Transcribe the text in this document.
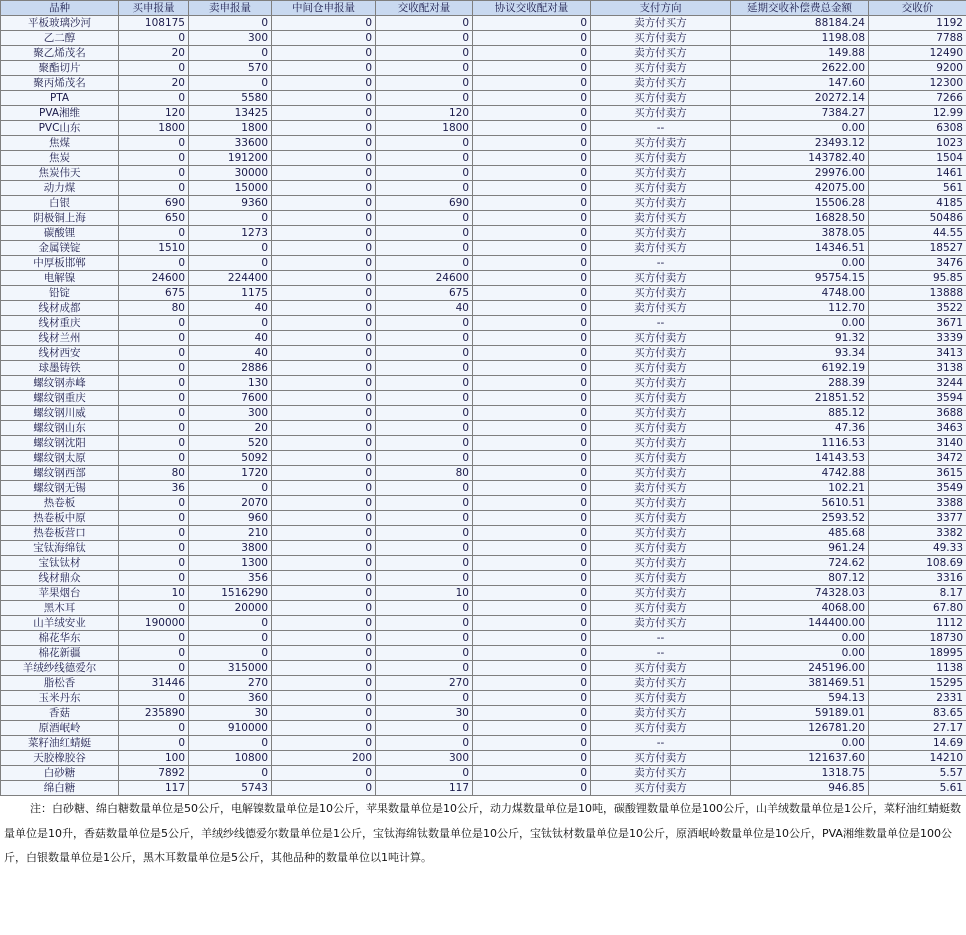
品种	买申报量	卖申报量	中间仓申报量	交收配对量	协议交收配对量	支付方向	延期交收补偿费总金额	交收价
平板玻璃沙河	108175	0	0	0	0	卖方付买方	88184.24	1192
乙二醇	0	300	0	0	0	买方付卖方	1198.08	7788
聚乙烯茂名	20	0	0	0	0	卖方付买方	149.88	12490
聚酯切片	0	570	0	0	0	买方付卖方	2622.00	9200
聚丙烯茂名	20	0	0	0	0	卖方付买方	147.60	12300
PTA	0	5580	0	0	0	买方付卖方	20272.14	7266
PVA湘维	120	13425	0	120	0	买方付卖方	7384.27	12.99
PVC山东	1800	1800	0	1800	0	--	0.00	6308
焦煤	0	33600	0	0	0	买方付卖方	23493.12	1023
焦炭	0	191200	0	0	0	买方付卖方	143782.40	1504
焦炭伟天	0	30000	0	0	0	买方付卖方	29976.00	1461
动力煤	0	15000	0	0	0	买方付卖方	42075.00	561
白银	690	9360	0	690	0	买方付卖方	15506.28	4185
阴极铜上海	650	0	0	0	0	卖方付买方	16828.50	50486
碳酸锂	0	1273	0	0	0	买方付卖方	3878.05	44.55
金属镁锭	1510	0	0	0	0	卖方付买方	14346.51	18527
中厚板邯郸	0	0	0	0	0	--	0.00	3476
电解镍	24600	224400	0	24600	0	买方付卖方	95754.15	95.85
铅锭	675	1175	0	675	0	买方付卖方	4748.00	13888
线材成都	80	40	0	40	0	卖方付买方	112.70	3522
线材重庆	0	0	0	0	0	--	0.00	3671
线材兰州	0	40	0	0	0	买方付卖方	91.32	3339
线材西安	0	40	0	0	0	买方付卖方	93.34	3413
球墨铸铁	0	2886	0	0	0	买方付卖方	6192.19	3138
螺纹钢赤峰	0	130	0	0	0	买方付卖方	288.39	3244
螺纹钢重庆	0	7600	0	0	0	买方付卖方	21851.52	3594
螺纹钢川威	0	300	0	0	0	买方付卖方	885.12	3688
螺纹钢山东	0	20	0	0	0	买方付卖方	47.36	3463
螺纹钢沈阳	0	520	0	0	0	买方付卖方	1116.53	3140
螺纹钢太原	0	5092	0	0	0	买方付卖方	14143.53	3472
螺纹钢西部	80	1720	0	80	0	买方付卖方	4742.88	3615
螺纹钢无锡	36	0	0	0	0	卖方付买方	102.21	3549
热卷板	0	2070	0	0	0	买方付卖方	5610.51	3388
热卷板中原	0	960	0	0	0	买方付卖方	2593.52	3377
热卷板营口	0	210	0	0	0	买方付卖方	485.68	3382
宝钛海绵钛	0	3800	0	0	0	买方付卖方	961.24	49.33
宝钛钛材	0	1300	0	0	0	买方付卖方	724.62	108.69
线材鼎众	0	356	0	0	0	买方付卖方	807.12	3316
苹果烟台	10	1516290	0	10	0	买方付卖方	74328.03	8.17
黑木耳	0	20000	0	0	0	买方付卖方	4068.00	67.80
山羊绒安业	190000	0	0	0	0	卖方付买方	144400.00	1112
棉花华东	0	0	0	0	0	--	0.00	18730
棉花新疆	0	0	0	0	0	--	0.00	18995
羊绒纱线德爱尔	0	315000	0	0	0	买方付卖方	245196.00	1138
脂松香	31446	270	0	270	0	卖方付买方	381469.51	15295
玉米丹东	0	360	0	0	0	买方付卖方	594.13	2331
香菇	235890	30	0	30	0	卖方付买方	59189.01	83.65
原酒岷岭	0	910000	0	0	0	买方付卖方	126781.20	27.17
菜籽油红蜻蜓	0	0	0	0	0	--	0.00	14.69
天胶橡胶谷	100	10800	200	300	0	买方付卖方	121637.60	14210
白砂糖	7892	0	0	0	0	卖方付买方	1318.75	5.57
绵白糖	117	5743	0	117	0	买方付卖方	946.85	5.61
注：白砂糖、绵白糖数量单位是50公斤，电解镍数量单位是10公斤，苹果数量单位是10公斤，动力煤数量单位是10吨，碳酸锂数量单位是100公斤，山羊绒数量单位是1公斤，菜籽油红蜻蜓数量单位是10升，香菇数量单位是5公斤，羊绒纱线德爱尔数量单位是1公斤，宝钛海绵钛数量单位是10公斤，宝钛钛材数量单位是10公斤，原酒岷岭数量单位是10公斤，PVA湘维数量单位是100公斤，白银数量单位是1公斤，黑木耳数量单位是5公斤，其他品种的数量单位以1吨计算。
